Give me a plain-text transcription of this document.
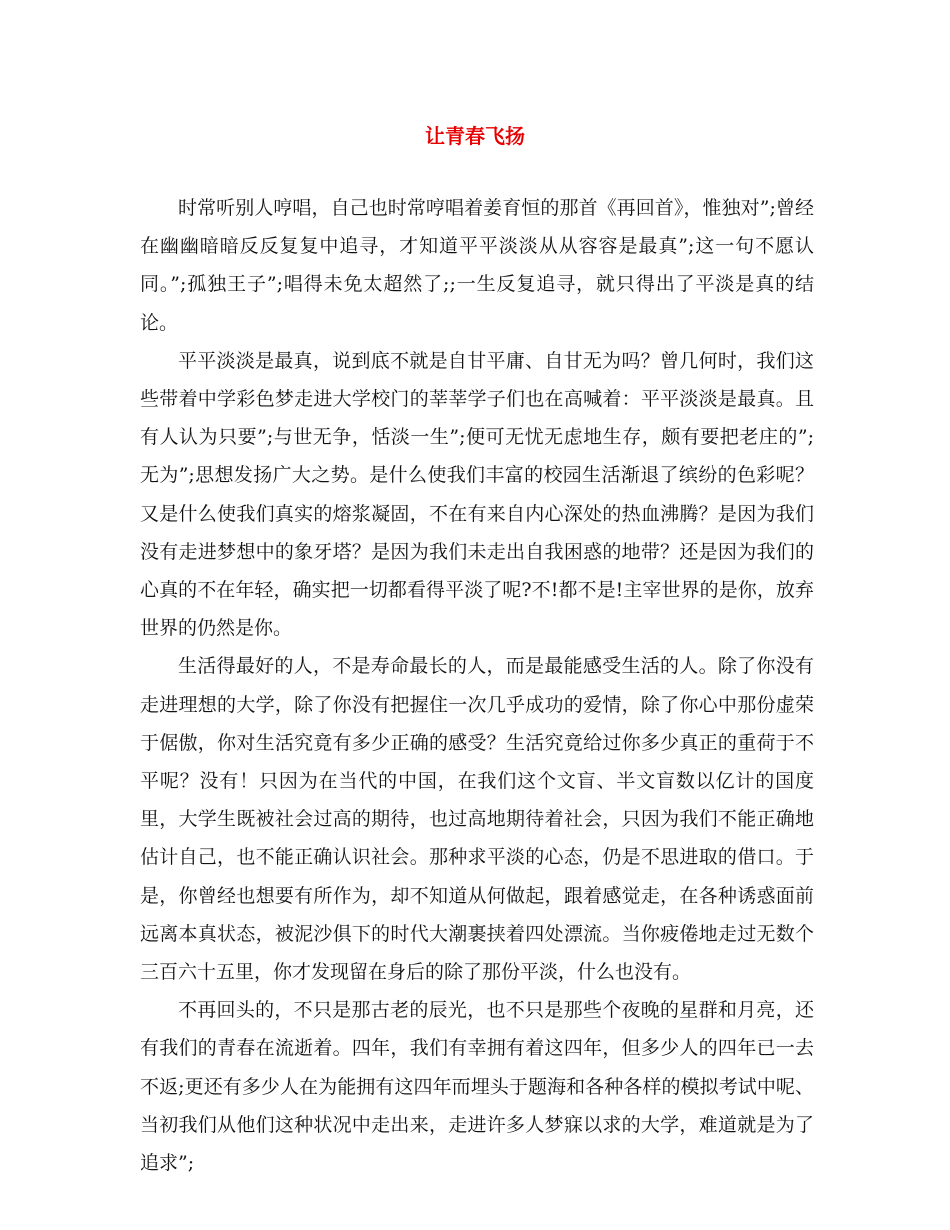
让青春飞扬

时常听别人哼唱，自己也时常哼唱着姜育恒的那首《再回首》，惟独对”;曾经在幽幽暗暗反反复复中追寻，才知道平平淡淡从从容容是最真”;这一句不愿认同。”;孤独王子”;唱得未免太超然了;;一生反复追寻，就只得出了平淡是真的结论。

平平淡淡是最真，说到底不就是自甘平庸、自甘无为吗？曾几何时，我们这些带着中学彩色梦走进大学校门的莘莘学子们也在高喊着：平平淡淡是最真。且有人认为只要”;与世无争，恬淡一生”;便可无忧无虑地生存，颇有要把老庄的”;无为”;思想发扬广大之势。是什么使我们丰富的校园生活渐退了缤纷的色彩呢？又是什么使我们真实的熔浆凝固，不在有来自内心深处的热血沸腾？是因为我们没有走进梦想中的象牙塔？是因为我们未走出自我困惑的地带？还是因为我们的心真的不在年轻，确实把一切都看得平淡了呢?不!都不是!主宰世界的是你，放弃世界的仍然是你。

生活得最好的人，不是寿命最长的人，而是最能感受生活的人。除了你没有走进理想的大学，除了你没有把握住一次几乎成功的爱情，除了你心中那份虚荣于倨傲，你对生活究竟有多少正确的感受？生活究竟给过你多少真正的重荷于不平呢？没有！只因为在当代的中国，在我们这个文盲、半文盲数以亿计的国度里，大学生既被社会过高的期待，也过高地期待着社会，只因为我们不能正确地估计自己，也不能正确认识社会。那种求平淡的心态，仍是不思进取的借口。于是，你曾经也想要有所作为，却不知道从何做起，跟着感觉走，在各种诱惑面前远离本真状态，被泥沙俱下的时代大潮裹挟着四处漂流。当你疲倦地走过无数个三百六十五里，你才发现留在身后的除了那份平淡，什么也没有。

不再回头的，不只是那古老的辰光，也不只是那些个夜晚的星群和月亮，还有我们的青春在流逝着。四年，我们有幸拥有着这四年，但多少人的四年已一去不返;更还有多少人在为能拥有这四年而埋头于题海和各种各样的模拟考试中呢、当初我们从他们这种状况中走出来，走进许多人梦寐以求的大学，难道就是为了追求”;
